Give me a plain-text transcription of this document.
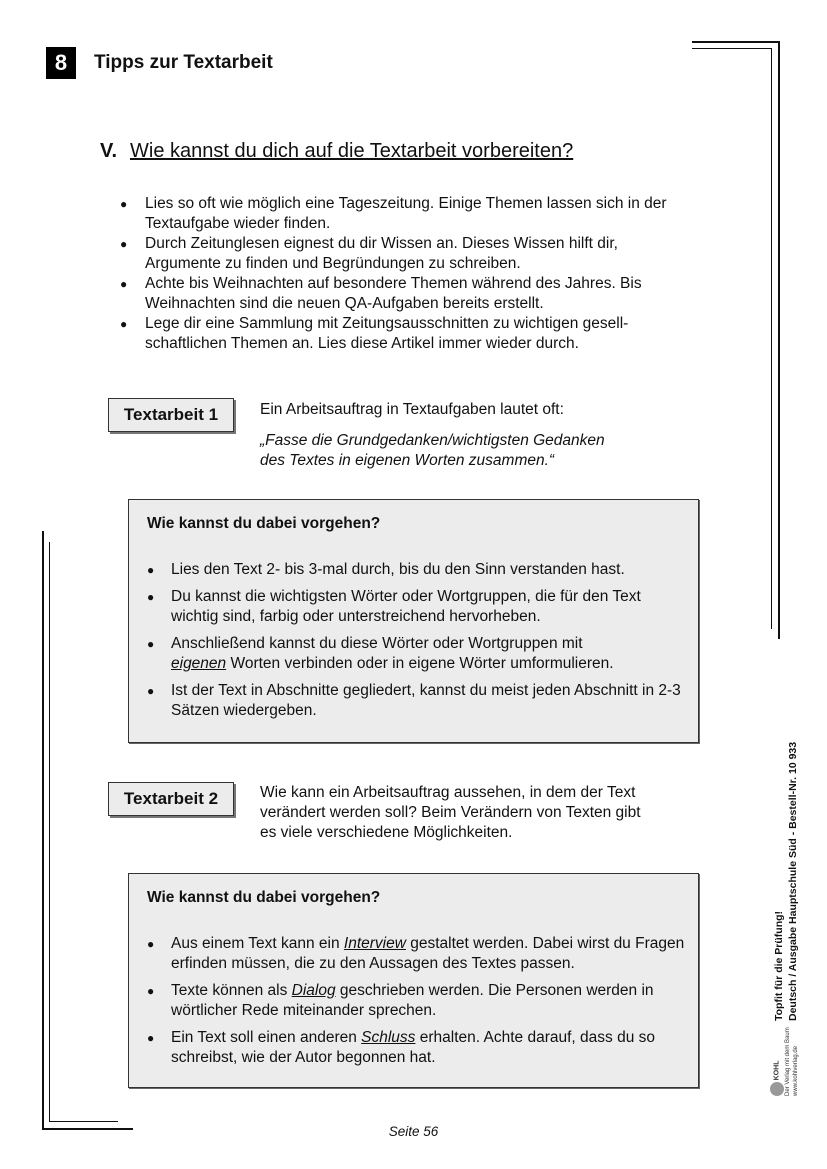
8	Tipps zur Textarbeit
V. Wie kannst du dich auf die Textarbeit vorbereiten?
● Lies so oft wie möglich eine Tageszeitung. Einige Themen lassen sich in der Textaufgabe wieder finden.
● Durch Zeitunglesen eignest du dir Wissen an. Dieses Wissen hilft dir, Argumente zu finden und Begründungen zu schreiben.
● Achte bis Weihnachten auf besondere Themen während des Jahres. Bis Weihnachten sind die neuen QA-Aufgaben bereits erstellt.
● Lege dir eine Sammlung mit Zeitungsausschnitten zu wichtigen gesell-schaftlichen Themen an. Lies diese Artikel immer wieder durch.
Textarbeit 1	Ein Arbeitsauftrag in Textaufgaben lautet oft:
„Fasse die Grundgedanken/wichtigsten Gedanken
des Textes in eigenen Worten zusammen.“
Wie kannst du dabei vorgehen?
● Lies den Text 2- bis 3-mal durch, bis du den Sinn verstanden hast.
● Du kannst die wichtigsten Wörter oder Wortgruppen, die für den Text wichtig sind, farbig oder unterstreichend hervorheben.
● Anschließend kannst du diese Wörter oder Wortgruppen mit
eigenen Worten verbinden oder in eigene Wörter umformulieren.
● Ist der Text in Abschnitte gegliedert, kannst du meist jeden Abschnitt in 2-3 Sätzen wiedergeben.
Textarbeit 2	Wie kann ein Arbeitsauftrag aussehen, in dem der Text verändert werden soll? Beim Verändern von Texten gibt es viele verschiedene Möglichkeiten.
Wie kannst du dabei vorgehen?
● Aus einem Text kann ein Interview gestaltet werden. Dabei wirst du Fragen erfinden müssen, die zu den Aussagen des Textes passen.
● Texte können als Dialog geschrieben werden. Die Personen werden in wörtlicher Rede miteinander sprechen.
● Ein Text soll einen anderen Schluss erhalten. Achte darauf, dass du so schreibst, wie der Autor begonnen hat.
KOHL Der Verlag mit dem Baum www.kohlverlag.de
Topfit für die Prüfung! Deutsch / Ausgabe Hauptschule Süd - Bestell-Nr. 10 933
Seite 56
